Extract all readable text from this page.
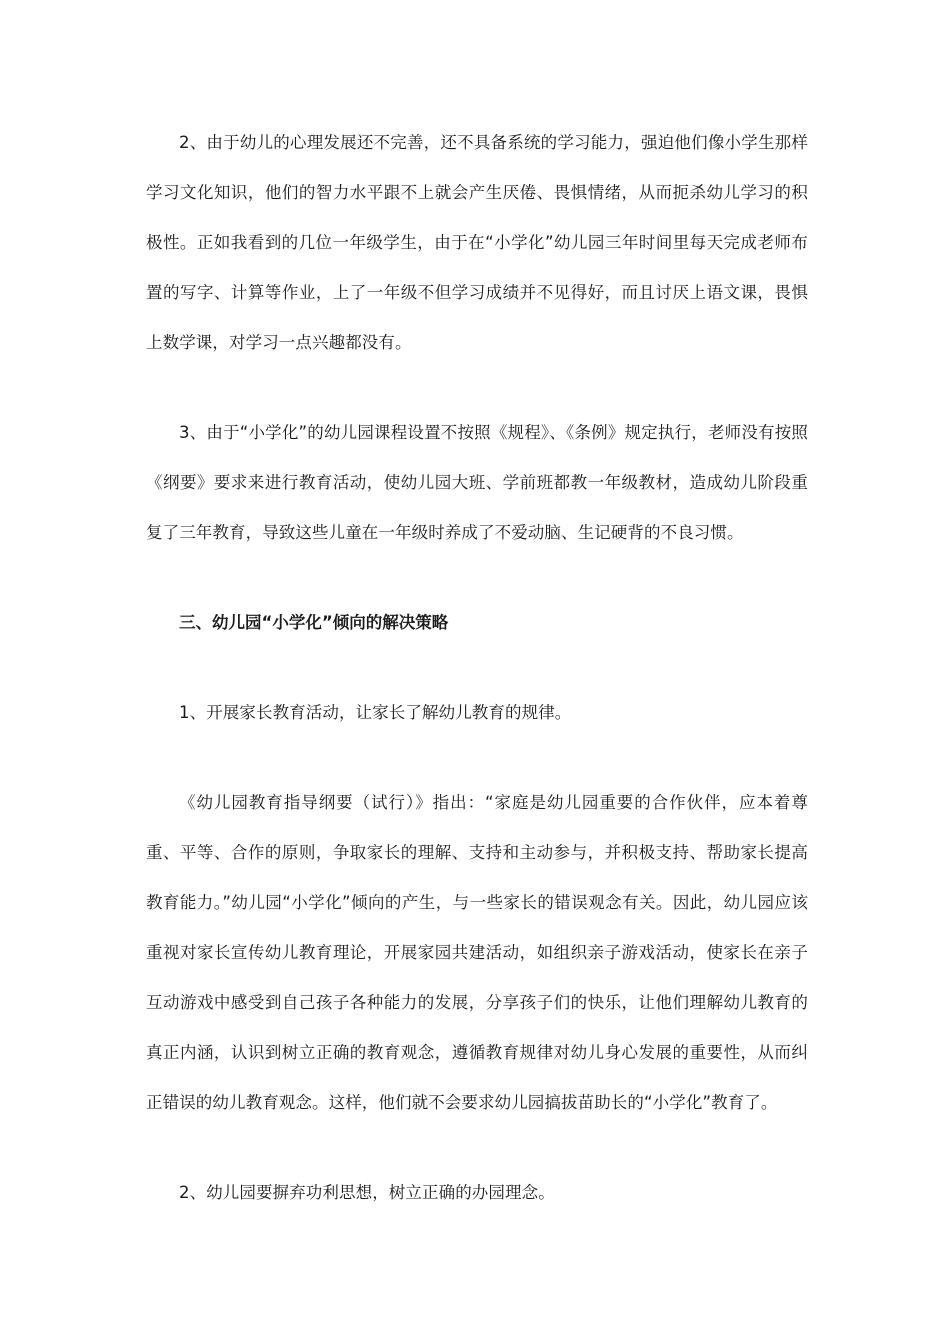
2、由于幼儿的心理发展还不完善，还不具备系统的学习能力，强迫他们像小学生那样学习文化知识，他们的智力水平跟不上就会产生厌倦、畏惧情绪，从而扼杀幼儿学习的积极性。正如我看到的几位一年级学生，由于在“小学化”幼儿园三年时间里每天完成老师布置的写字、计算等作业，上了一年级不但学习成绩并不见得好，而且讨厌上语文课，畏惧上数学课，对学习一点兴趣都没有。

3、由于“小学化”的幼儿园课程设置不按照《规程》、《条例》规定执行，老师没有按照《纲要》要求来进行教育活动，使幼儿园大班、学前班都教一年级教材，造成幼儿阶段重复了三年教育，导致这些儿童在一年级时养成了不爱动脑、生记硬背的不良习惯。

三、幼儿园“小学化”倾向的解决策略

1、开展家长教育活动，让家长了解幼儿教育的规律。

《幼儿园教育指导纲要（试行）》指出：“家庭是幼儿园重要的合作伙伴，应本着尊重、平等、合作的原则，争取家长的理解、支持和主动参与，并积极支持、帮助家长提高教育能力。”幼儿园“小学化”倾向的产生，与一些家长的错误观念有关。因此，幼儿园应该重视对家长宣传幼儿教育理论，开展家园共建活动，如组织亲子游戏活动，使家长在亲子互动游戏中感受到自己孩子各种能力的发展，分享孩子们的快乐，让他们理解幼儿教育的真正内涵，认识到树立正确的教育观念，遵循教育规律对幼儿身心发展的重要性，从而纠正错误的幼儿教育观念。这样，他们就不会要求幼儿园搞拔苗助长的“小学化”教育了。

2、幼儿园要摒弃功利思想，树立正确的办园理念。
